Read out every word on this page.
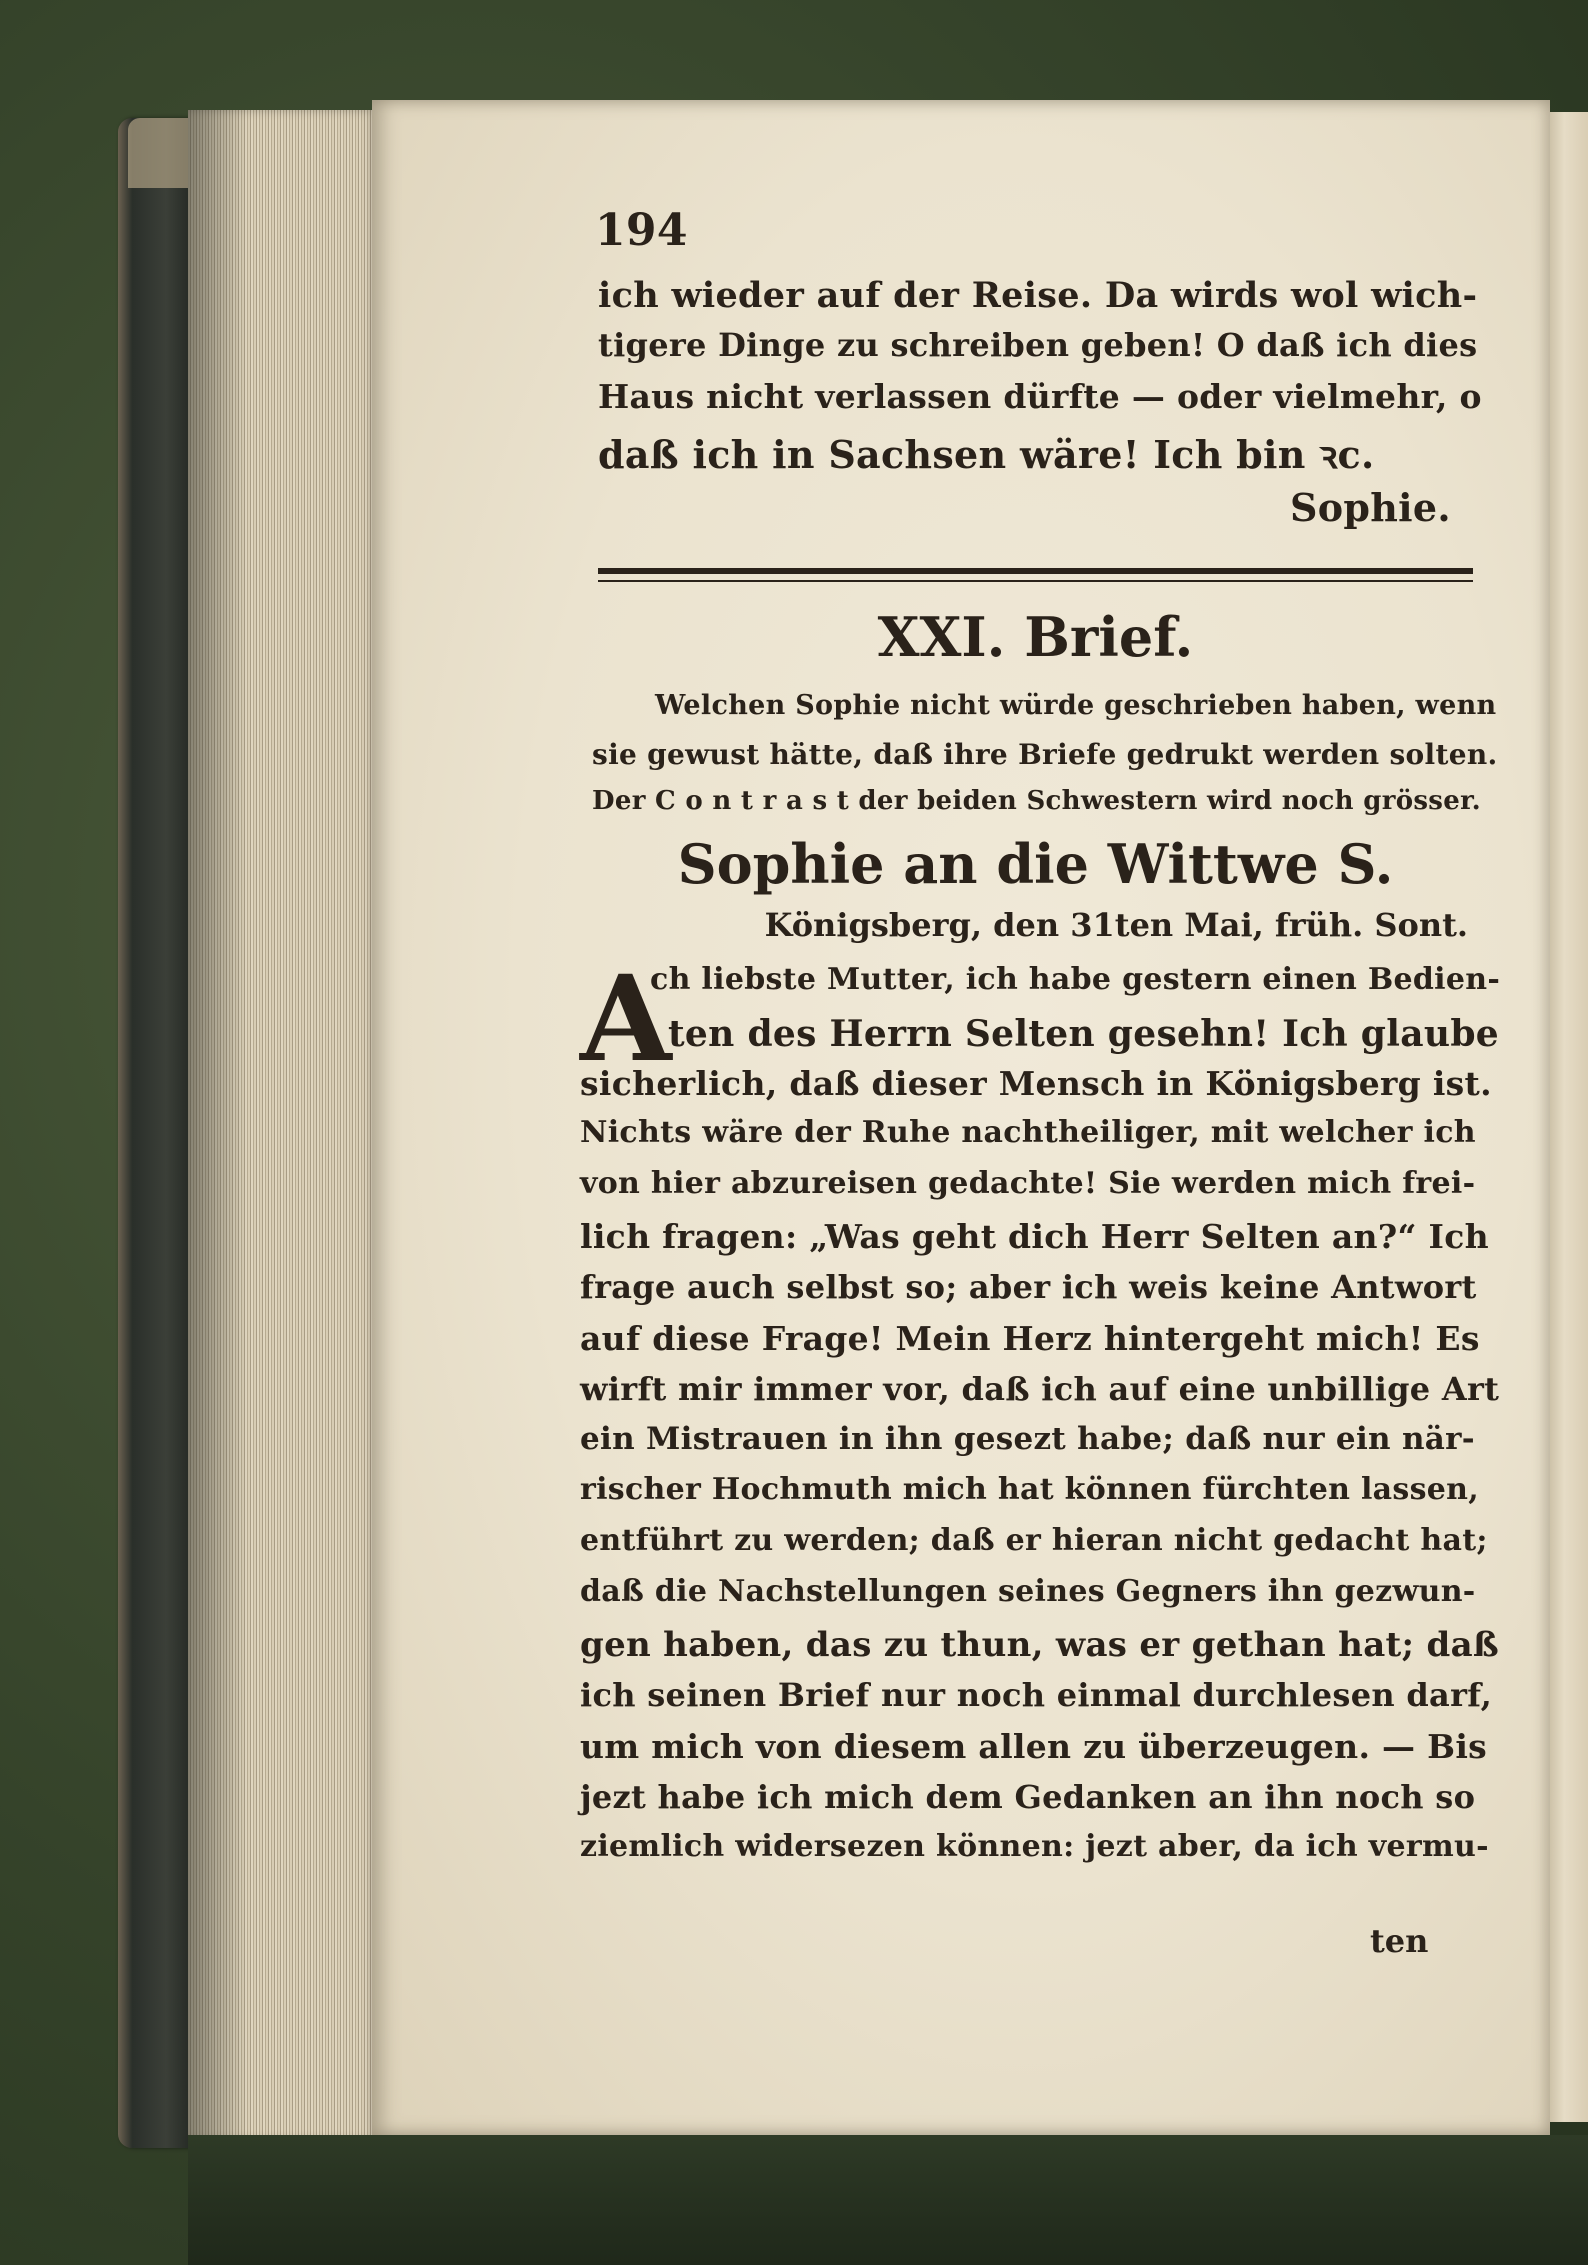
194
ich wieder auf der Reise. Da wirds wol wich-
tigere Dinge zu schreiben geben! O daß ich dies
Haus nicht verlassen dürfte — oder vielmehr, o
daß ich in Sachsen wäre! Ich bin ꝛc.
Sophie.
XXI. Brief.
Welchen Sophie nicht würde geschrieben haben, wenn
sie gewust hätte, daß ihre Briefe gedrukt werden solten.
Der C o n t r a s t der beiden Schwestern wird noch grösser.
Sophie an die Wittwe S.
Königsberg, den 31ten Mai, früh. Sont.
A
ch liebste Mutter, ich habe gestern einen Bedien-
ten des Herrn Selten gesehn! Ich glaube
sicherlich, daß dieser Mensch in Königsberg ist.
Nichts wäre der Ruhe nachtheiliger, mit welcher ich
von hier abzureisen gedachte! Sie werden mich frei-
lich fragen: „Was geht dich Herr Selten an?“ Ich
frage auch selbst so; aber ich weis keine Antwort
auf diese Frage! Mein Herz hintergeht mich! Es
wirft mir immer vor, daß ich auf eine unbillige Art
ein Mistrauen in ihn gesezt habe; daß nur ein när-
rischer Hochmuth mich hat können fürchten lassen,
entführt zu werden; daß er hieran nicht gedacht hat;
daß die Nachstellungen seines Gegners ihn gezwun-
gen haben, das zu thun, was er gethan hat; daß
ich seinen Brief nur noch einmal durchlesen darf,
um mich von diesem allen zu überzeugen. — Bis
jezt habe ich mich dem Gedanken an ihn noch so
ziemlich widersezen können: jezt aber, da ich vermu-
ten
